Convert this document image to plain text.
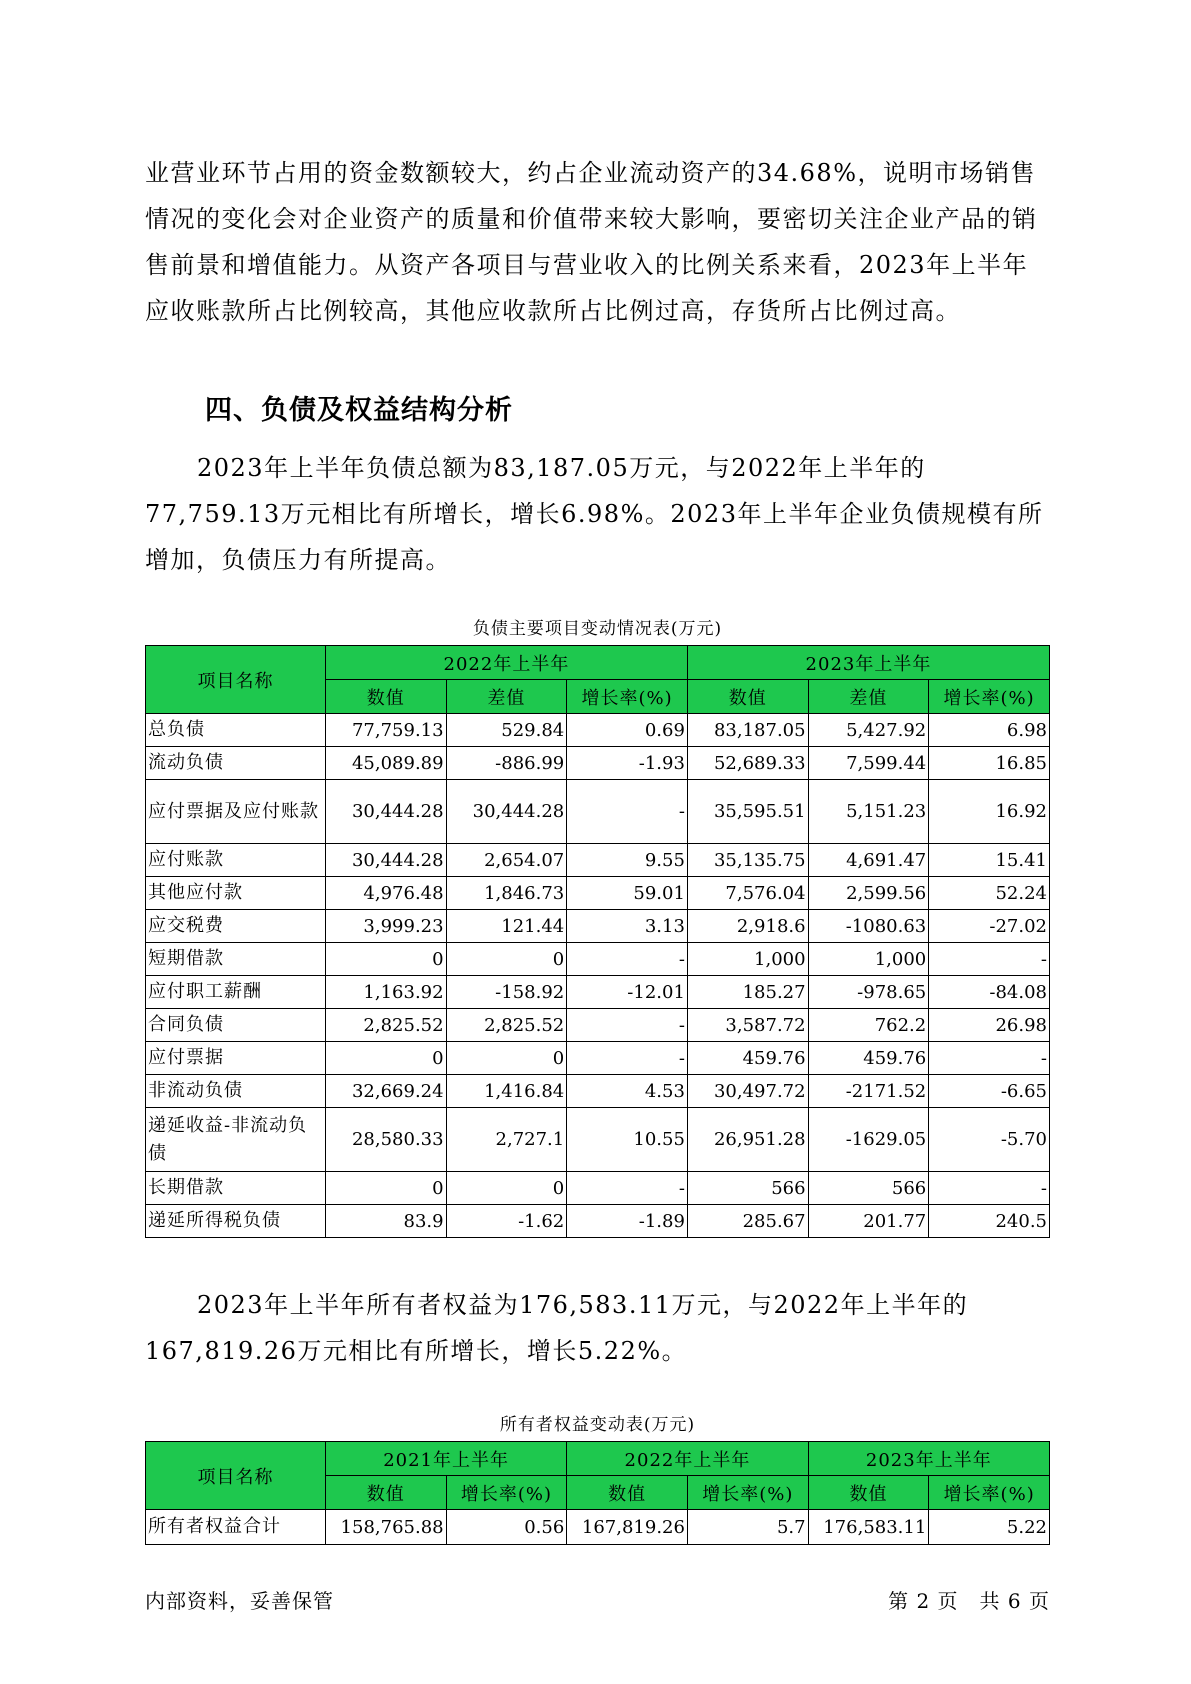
业营业环节占用的资金数额较大，约占企业流动资产的34.68%，说明市场销售情况的变化会对企业资产的质量和价值带来较大影响，要密切关注企业产品的销售前景和增值能力。从资产各项目与营业收入的比例关系来看，2023年上半年应收账款所占比例较高，其他应收款所占比例过高，存货所占比例过高。

四、负债及权益结构分析

2023年上半年负债总额为83,187.05万元，与2022年上半年的77,759.13万元相比有所增长，增长6.98%。2023年上半年企业负债规模有所增加，负债压力有所提高。

负债主要项目变动情况表(万元)
项目名称	2022年上半年			2023年上半年		
	数值	差值	增长率(%)	数值	差值	增长率(%)
总负债	77,759.13	529.84	0.69	83,187.05	5,427.92	6.98
流动负债	45,089.89	-886.99	-1.93	52,689.33	7,599.44	16.85
应付票据及应付账款	30,444.28	30,444.28	-	35,595.51	5,151.23	16.92
应付账款	30,444.28	2,654.07	9.55	35,135.75	4,691.47	15.41
其他应付款	4,976.48	1,846.73	59.01	7,576.04	2,599.56	52.24
应交税费	3,999.23	121.44	3.13	2,918.6	-1080.63	-27.02
短期借款	0	0	-	1,000	1,000	-
应付职工薪酬	1,163.92	-158.92	-12.01	185.27	-978.65	-84.08
合同负债	2,825.52	2,825.52	-	3,587.72	762.2	26.98
应付票据	0	0	-	459.76	459.76	-
非流动负债	32,669.24	1,416.84	4.53	30,497.72	-2171.52	-6.65
递延收益-非流动负债	28,580.33	2,727.1	10.55	26,951.28	-1629.05	-5.70
长期借款	0	0	-	566	566	-
递延所得税负债	83.9	-1.62	-1.89	285.67	201.77	240.5

2023年上半年所有者权益为176,583.11万元，与2022年上半年的167,819.26万元相比有所增长，增长5.22%。

所有者权益变动表(万元)
项目名称	2021年上半年		2022年上半年		2023年上半年	
	数值	增长率(%)	数值	增长率(%)	数值	增长率(%)
所有者权益合计	158,765.88	0.56	167,819.26	5.7	176,583.11	5.22
内部资料，妥善保管	第 2 页　共 6 页
